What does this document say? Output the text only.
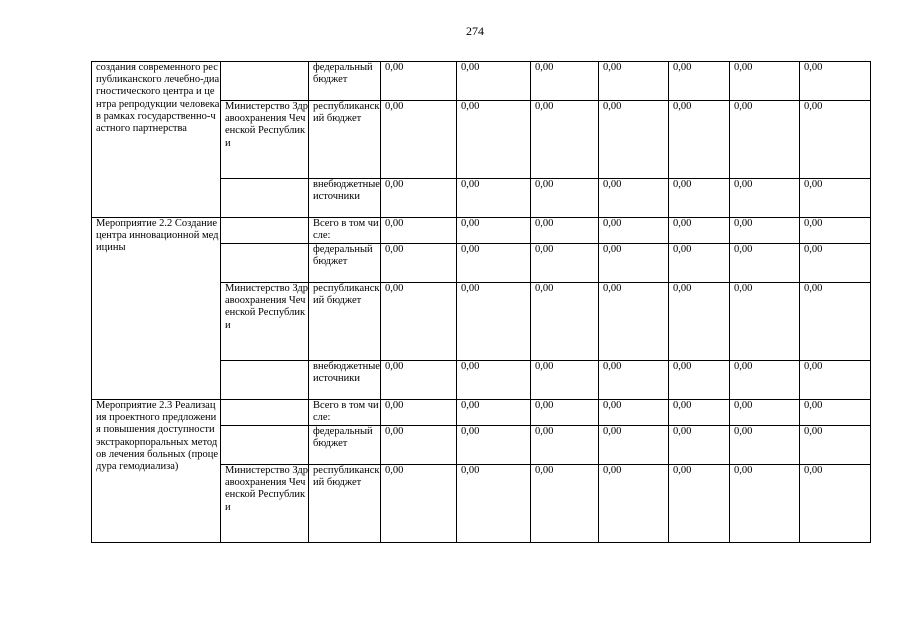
274
создания современного республиканского лечебно-диагностического центра и центра репродукции человека в рамках государственно-частного партнерства		федеральный бюджет	0,00	0,00	0,00	0,00	0,00	0,00	0,00
	Министерство Здравоохранения Чеченской Республики	республиканский бюджет	0,00	0,00	0,00	0,00	0,00	0,00	0,00
		внебюджетные источники	0,00	0,00	0,00	0,00	0,00	0,00	0,00
Мероприятие 2.2 Создание центра инновационной медицины		Всего в том числе:	0,00	0,00	0,00	0,00	0,00	0,00	0,00
		федеральный бюджет	0,00	0,00	0,00	0,00	0,00	0,00	0,00
	Министерство Здравоохранения Чеченской Республики	республиканский бюджет	0,00	0,00	0,00	0,00	0,00	0,00	0,00
		внебюджетные источники	0,00	0,00	0,00	0,00	0,00	0,00	0,00
Мероприятие 2.3 Реализация проектного предложения повышения доступности экстракорпоральных методов лечения больных (процедура гемодиализа)		Всего в том числе:	0,00	0,00	0,00	0,00	0,00	0,00	0,00
		федеральный бюджет	0,00	0,00	0,00	0,00	0,00	0,00	0,00
	Министерство Здравоохранения Чеченской Республики	республиканский бюджет	0,00	0,00	0,00	0,00	0,00	0,00	0,00
